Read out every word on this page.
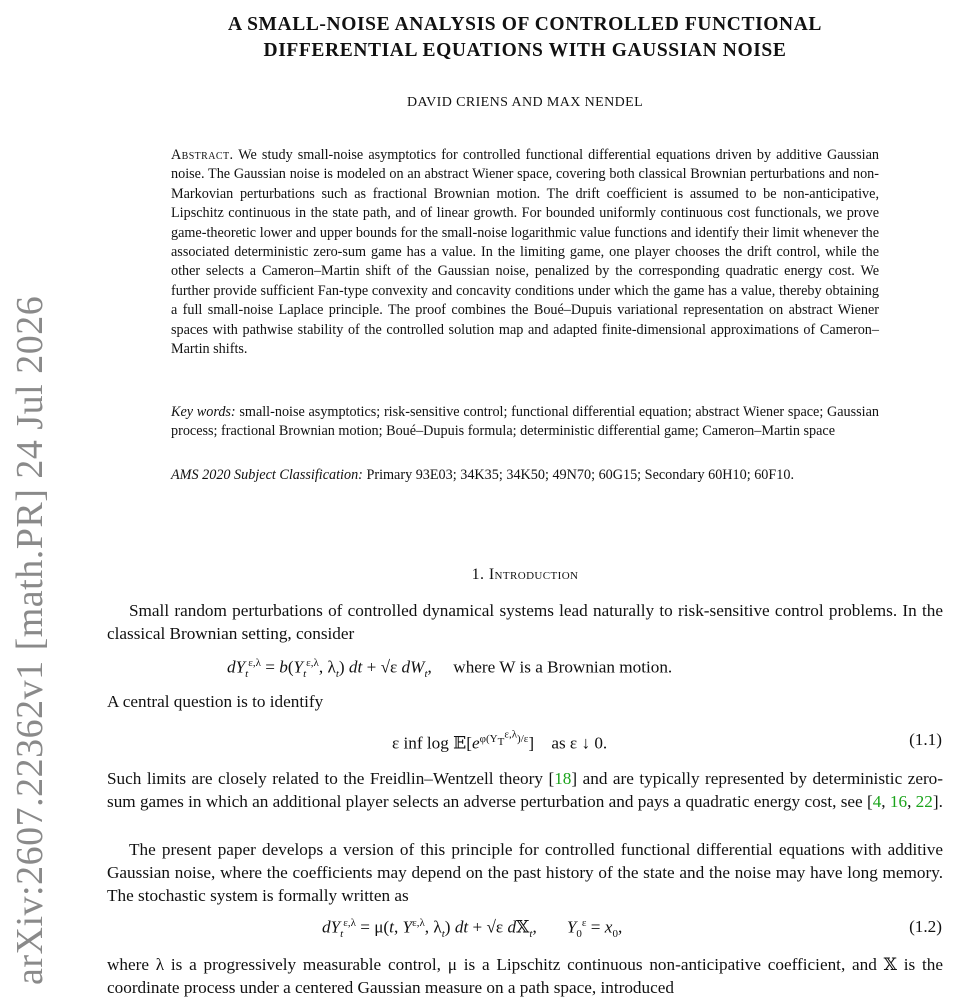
arXiv:2607.22362v1 [math.PR] 24 Jul 2026
A SMALL-NOISE ANALYSIS OF CONTROLLED FUNCTIONAL
DIFFERENTIAL EQUATIONS WITH GAUSSIAN NOISE
DAVID CRIENS AND MAX NENDEL
Abstract. We study small-noise asymptotics for controlled functional differential equations driven by additive Gaussian noise. The Gaussian noise is modeled on an abstract Wiener space, covering both classical Brownian perturbations and non-Markovian perturbations such as fractional Brownian motion. The drift coefficient is assumed to be non-anticipative, Lipschitz continuous in the state path, and of linear growth. For bounded uniformly continuous cost functionals, we prove game-theoretic lower and upper bounds for the small-noise logarithmic value functions and identify their limit whenever the associated deterministic zero-sum game has a value. In the limiting game, one player chooses the drift control, while the other selects a Cameron–Martin shift of the Gaussian noise, penalized by the corresponding quadratic energy cost. We further provide sufficient Fan-type convexity and concavity conditions under which the game has a value, thereby obtaining a full small-noise Laplace principle. The proof combines the Boué–Dupuis variational representation on abstract Wiener spaces with pathwise stability of the controlled solution map and adapted finite-dimensional approximations of Cameron–Martin shifts.
Key words: small-noise asymptotics; risk-sensitive control; functional differential equation; abstract Wiener space; Gaussian process; fractional Brownian motion; Boué–Dupuis formula; deterministic differential game; Cameron–Martin space
AMS 2020 Subject Classification: Primary 93E03; 34K35; 34K50; 49N70; 60G15; Secondary 60H10; 60F10.
1. Introduction
Small random perturbations of controlled dynamical systems lead naturally to risk-sensitive control problems. In the classical Brownian setting, consider
$dY_t^{\varepsilon,\lambda} = b(Y_t^{\varepsilon,\lambda}$, $\lambda_t$) dt + √ε $dW_t$,     where W is a Brownian motion.
A central question is to identify
ε inf $\log 𝔼[e^{\varphi(Y_T^{\varepsilon,\lambda})/\varepsilon}]$    as ε ↓ 0.	(1.1)
Such limits are closely related to the Freidlin–Wentzell theory [18] and are typically represented by deterministic zero-sum games in which an additional player selects an adverse perturbation and pays a quadratic energy cost, see [4, 16, 22].
The present paper develops a version of this principle for controlled functional differential equations with additive Gaussian noise, where the coefficients may depend on the past history of the state and the noise may have long memory. The stochastic system is formally written as
$dY_t^{\varepsilon,\lambda} = \mu(t$, $Y^{\varepsilon,\lambda}$, $\lambda_t$) dt + √ε d𝕏$_t$,       $Y_0^\varepsilon = x_0$,	(1.2)
where λ is a progressively measurable control, μ is a Lipschitz continuous non-anticipative coefficient, and 𝕏 is the coordinate process under a centered Gaussian measure on a path space, introduced
